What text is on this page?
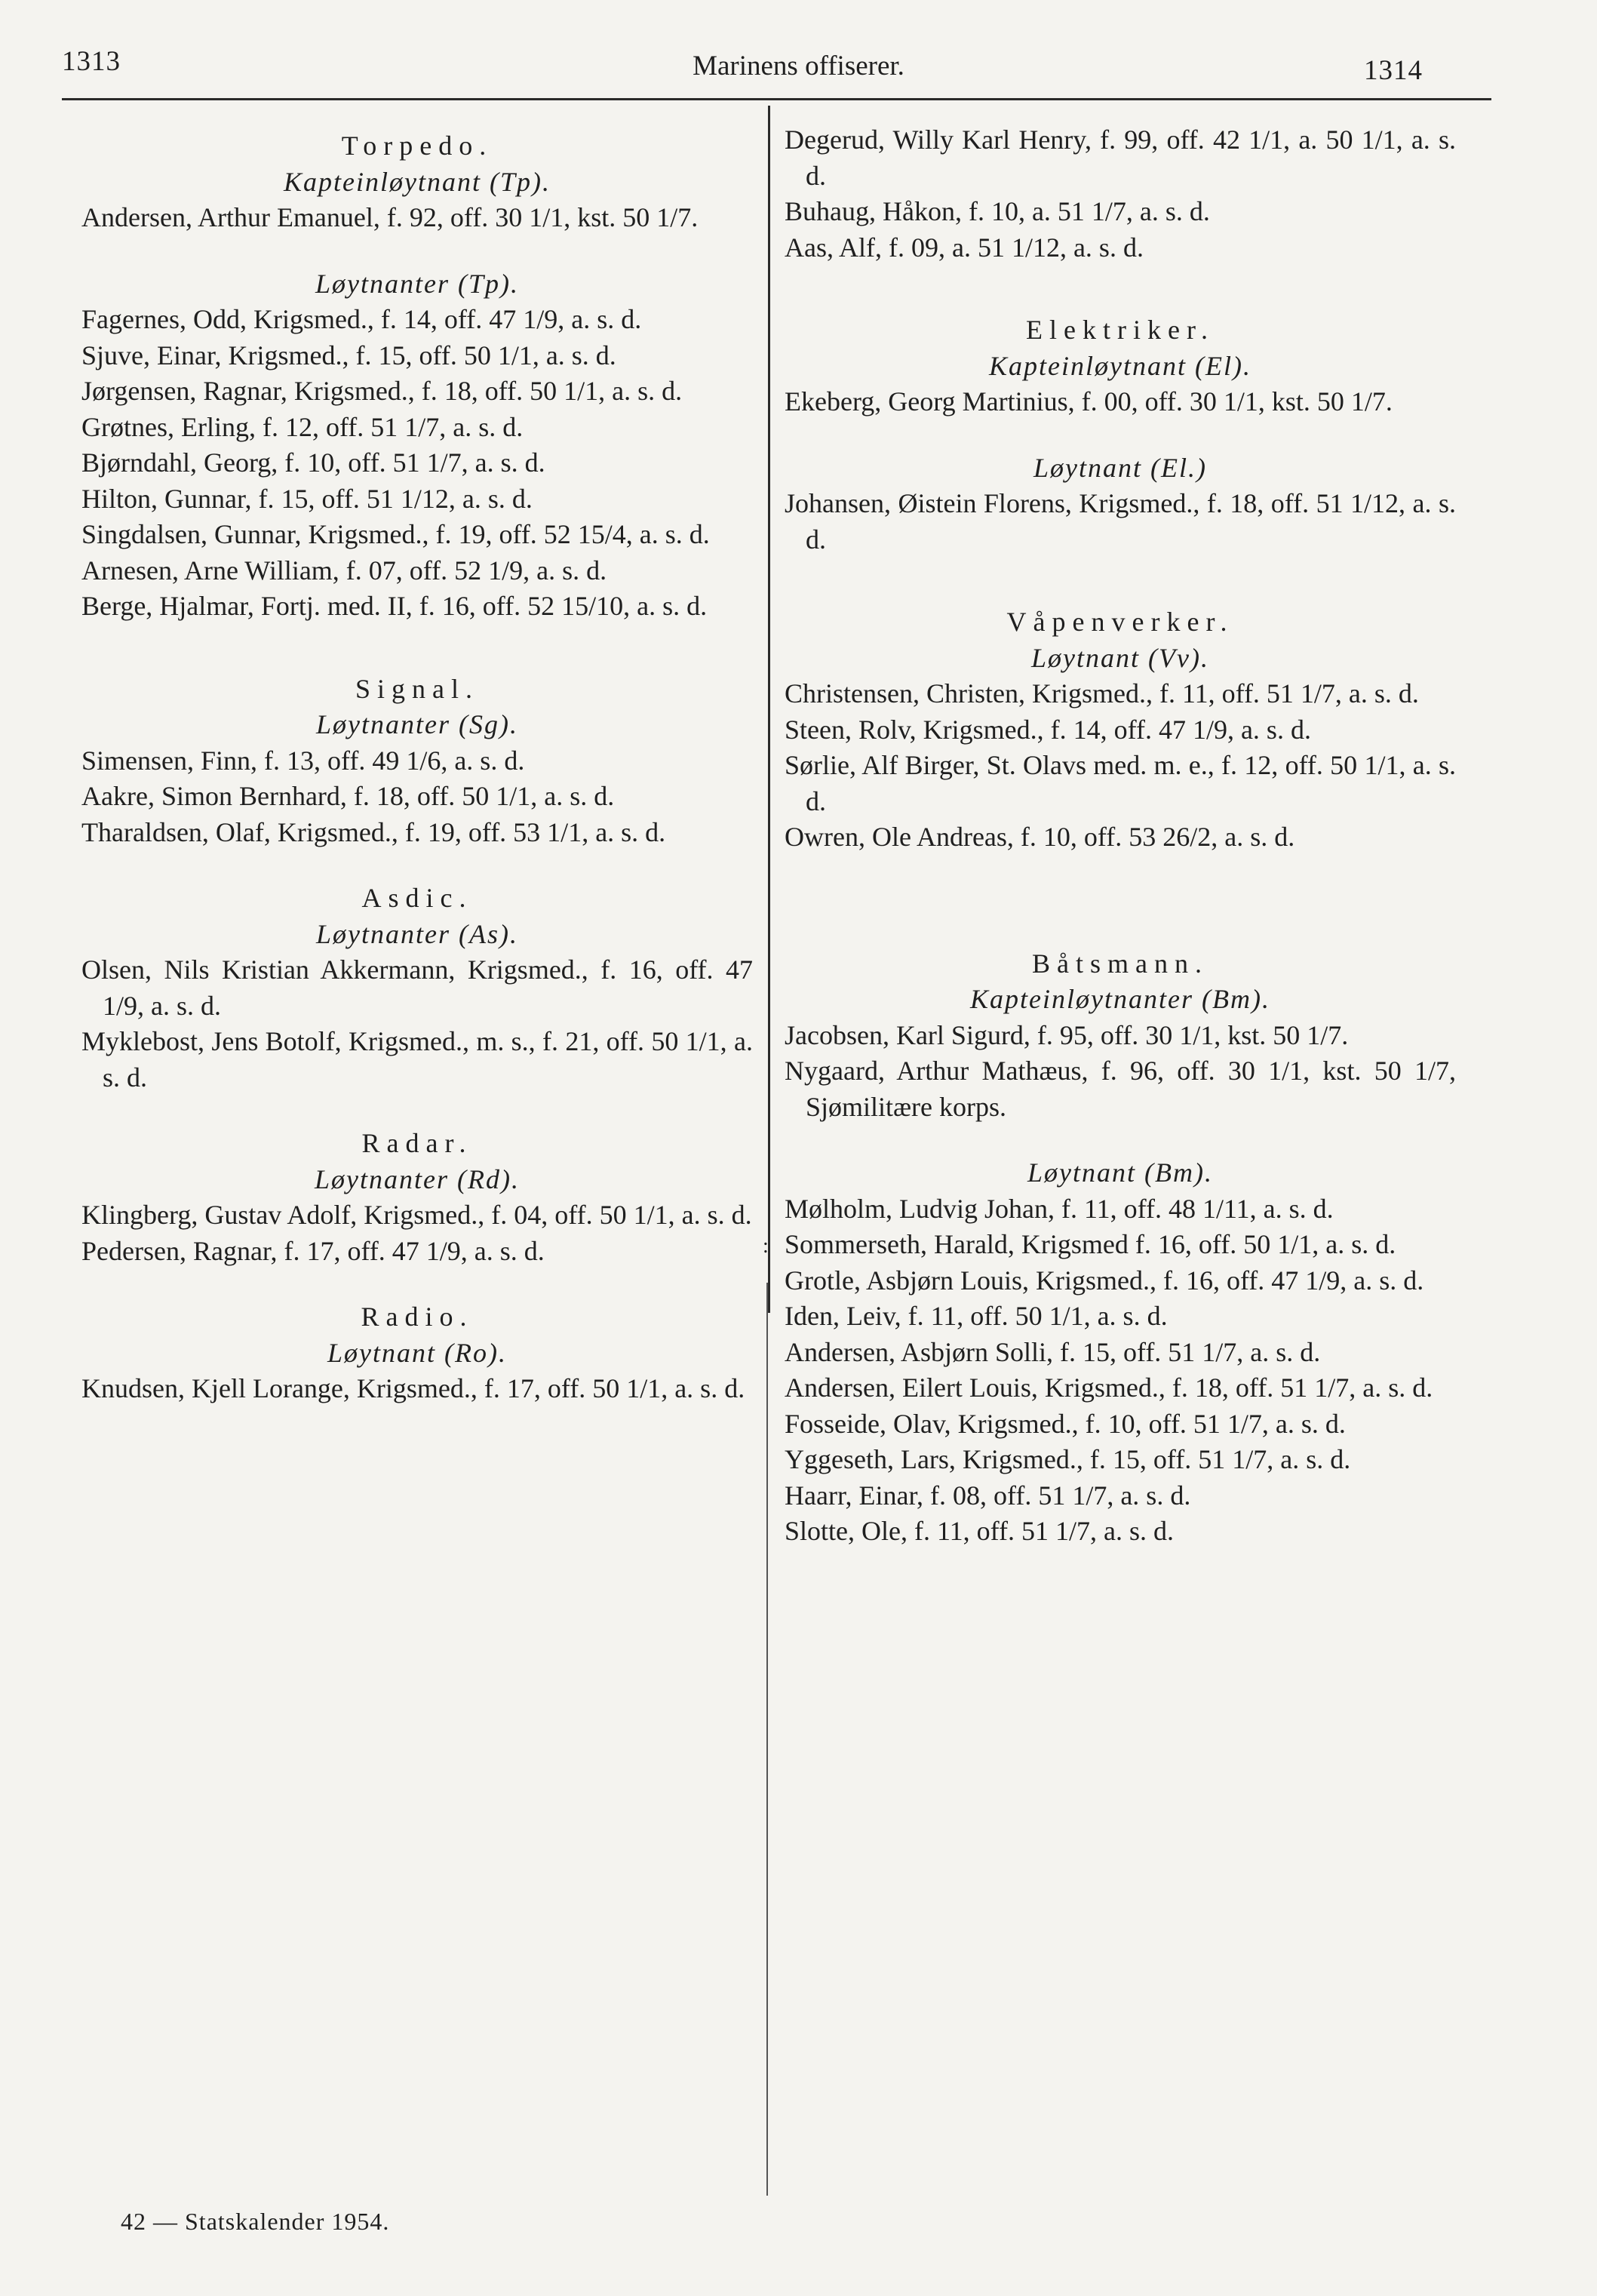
1313	Marinens offiserer.	1314
:
Torpedo.
Kapteinløytnant (Tp).
Andersen, Arthur Emanuel, f. 92, off. 30 1/1, kst. 50 1/7.
Løytnanter (Tp).
Fagernes, Odd, Krigsmed., f. 14, off. 47 1/9, a. s. d.
Sjuve, Einar, Krigsmed., f. 15, off. 50 1/1, a. s. d.
Jørgensen, Ragnar, Krigsmed., f. 18, off. 50 1/1, a. s. d.
Grøtnes, Erling, f. 12, off. 51 1/7, a. s. d.
Bjørndahl, Georg, f. 10, off. 51 1/7, a. s. d.
Hilton, Gunnar, f. 15, off. 51 1/12, a. s. d.
Singdalsen, Gunnar, Krigsmed., f. 19, off. 52 15/4, a. s. d.
Arnesen, Arne William, f. 07, off. 52 1/9, a. s. d.
Berge, Hjalmar, Fortj. med. II, f. 16, off. 52 15/10, a. s. d.
Signal.
Løytnanter (Sg).
Simensen, Finn, f. 13, off. 49 1/6, a. s. d.
Aakre, Simon Bernhard, f. 18, off. 50 1/1, a. s. d.
Tharaldsen, Olaf, Krigsmed., f. 19, off. 53 1/1, a. s. d.
Asdic.
Løytnanter (As).
Olsen, Nils Kristian Akkermann, Krigsmed., f. 16, off. 47 1/9, a. s. d.
Myklebost, Jens Botolf, Krigsmed., m. s., f. 21, off. 50 1/1, a. s. d.
Radar.
Løytnanter (Rd).
Klingberg, Gustav Adolf, Krigsmed., f. 04, off. 50 1/1, a. s. d.
Pedersen, Ragnar, f. 17, off. 47 1/9, a. s. d.
Radio.
Løytnant (Ro).
Knudsen, Kjell Lorange, Krigsmed., f. 17, off. 50 1/1, a. s. d.
Degerud, Willy Karl Henry, f. 99, off. 42 1/1, a. 50 1/1, a. s. d.
Buhaug, Håkon, f. 10, a. 51 1/7, a. s. d.
Aas, Alf, f. 09, a. 51 1/12, a. s. d.
Elektriker.
Kapteinløytnant (El).
Ekeberg, Georg Martinius, f. 00, off. 30 1/1, kst. 50 1/7.
Løytnant (El.)
Johansen, Øistein Florens, Krigsmed., f. 18, off. 51 1/12, a. s. d.
Våpenverker.
Løytnant (Vv).
Christensen, Christen, Krigsmed., f. 11, off. 51 1/7, a. s. d.
Steen, Rolv, Krigsmed., f. 14, off. 47 1/9, a. s. d.
Sørlie, Alf Birger, St. Olavs med. m. e., f. 12, off. 50 1/1, a. s. d.
Owren, Ole Andreas, f. 10, off. 53 26/2, a. s. d.
Båtsmann.
Kapteinløytnanter (Bm).
Jacobsen, Karl Sigurd, f. 95, off. 30 1/1, kst. 50 1/7.
Nygaard, Arthur Mathæus, f. 96, off. 30 1/1, kst. 50 1/7, Sjømilitære korps.
Løytnant (Bm).
Mølholm, Ludvig Johan, f. 11, off. 48 1/11, a. s. d.
Sommerseth, Harald, Krigsmed f. 16, off. 50 1/1, a. s. d.
Grotle, Asbjørn Louis, Krigsmed., f. 16, off. 47 1/9, a. s. d.
Iden, Leiv, f. 11, off. 50 1/1, a. s. d.
Andersen, Asbjørn Solli, f. 15, off. 51 1/7, a. s. d.
Andersen, Eilert Louis, Krigsmed., f. 18, off. 51 1/7, a. s. d.
Fosseide, Olav, Krigsmed., f. 10, off. 51 1/7, a. s. d.
Yggeseth, Lars, Krigsmed., f. 15, off. 51 1/7, a. s. d.
Haarr, Einar, f. 08, off. 51 1/7, a. s. d.
Slotte, Ole, f. 11, off. 51 1/7, a. s. d.
42 — Statskalender 1954.
